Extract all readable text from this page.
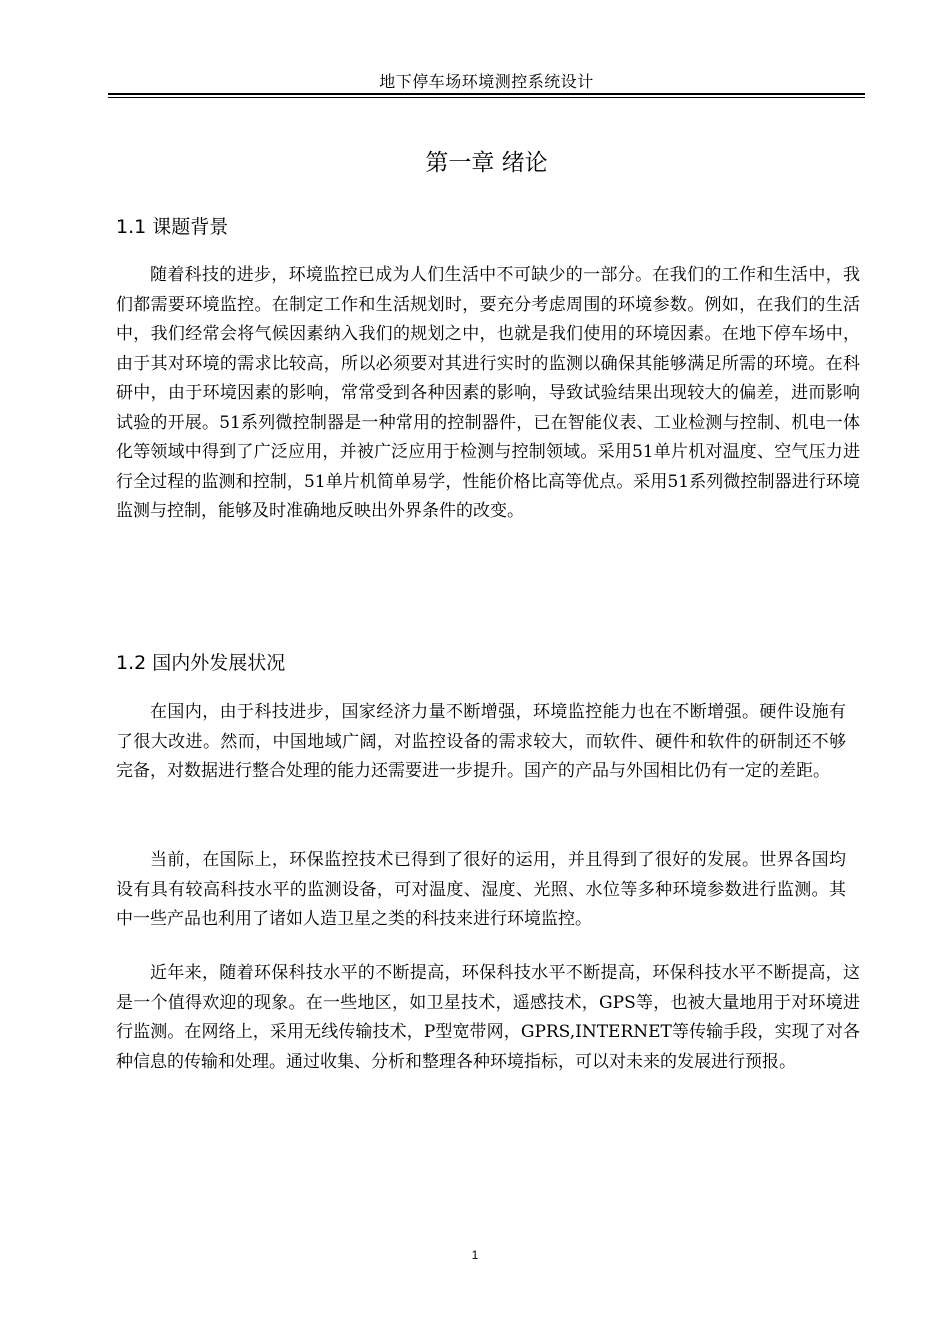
地下停车场环境测控系统设计
第一章 绪论
1.1 课题背景

随着科技的进步，环境监控已成为人们生活中不可缺少的一部分。在我们的工作和生活中，我们都需要环境监控。在制定工作和生活规划时，要充分考虑周围的环境参数。例如，在我们的生活中，我们经常会将气候因素纳入我们的规划之中，也就是我们使用的环境因素。在地下停车场中，由于其对环境的需求比较高，所以必须要对其进行实时的监测以确保其能够满足所需的环境。在科研中，由于环境因素的影响，常常受到各种因素的影响，导致试验结果出现较大的偏差，进而影响试验的开展。51系列微控制器是一种常用的控制器件，已在智能仪表、工业检测与控制、机电一体化等领域中得到了广泛应用，并被广泛应用于检测与控制领域。采用51单片机对温度、空气压力进行全过程的监测和控制，51单片机简单易学，性能价格比高等优点。采用51系列微控制器进行环境监测与控制，能够及时准确地反映出外界条件的改变。

1.2 国内外发展状况

在国内，由于科技进步，国家经济力量不断增强，环境监控能力也在不断增强。硬件设施有了很大改进。然而，中国地域广阔，对监控设备的需求较大，而软件、硬件和软件的研制还不够完备，对数据进行整合处理的能力还需要进一步提升。国产的产品与外国相比仍有一定的差距。

当前，在国际上，环保监控技术已得到了很好的运用，并且得到了很好的发展。世界各国均设有具有较高科技水平的监测设备，可对温度、湿度、光照、水位等多种环境参数进行监测。其中一些产品也利用了诸如人造卫星之类的科技来进行环境监控。

近年来，随着环保科技水平的不断提高，环保科技水平不断提高，环保科技水平不断提高，这是一个值得欢迎的现象。在一些地区，如卫星技术，遥感技术，GPS等，也被大量地用于对环境进行监测。在网络上，采用无线传输技术，P型宽带网，GPRS,INTERNET等传输手段，实现了对各种信息的传输和处理。通过收集、分析和整理各种环境指标，可以对未来的发展进行预报。

1
